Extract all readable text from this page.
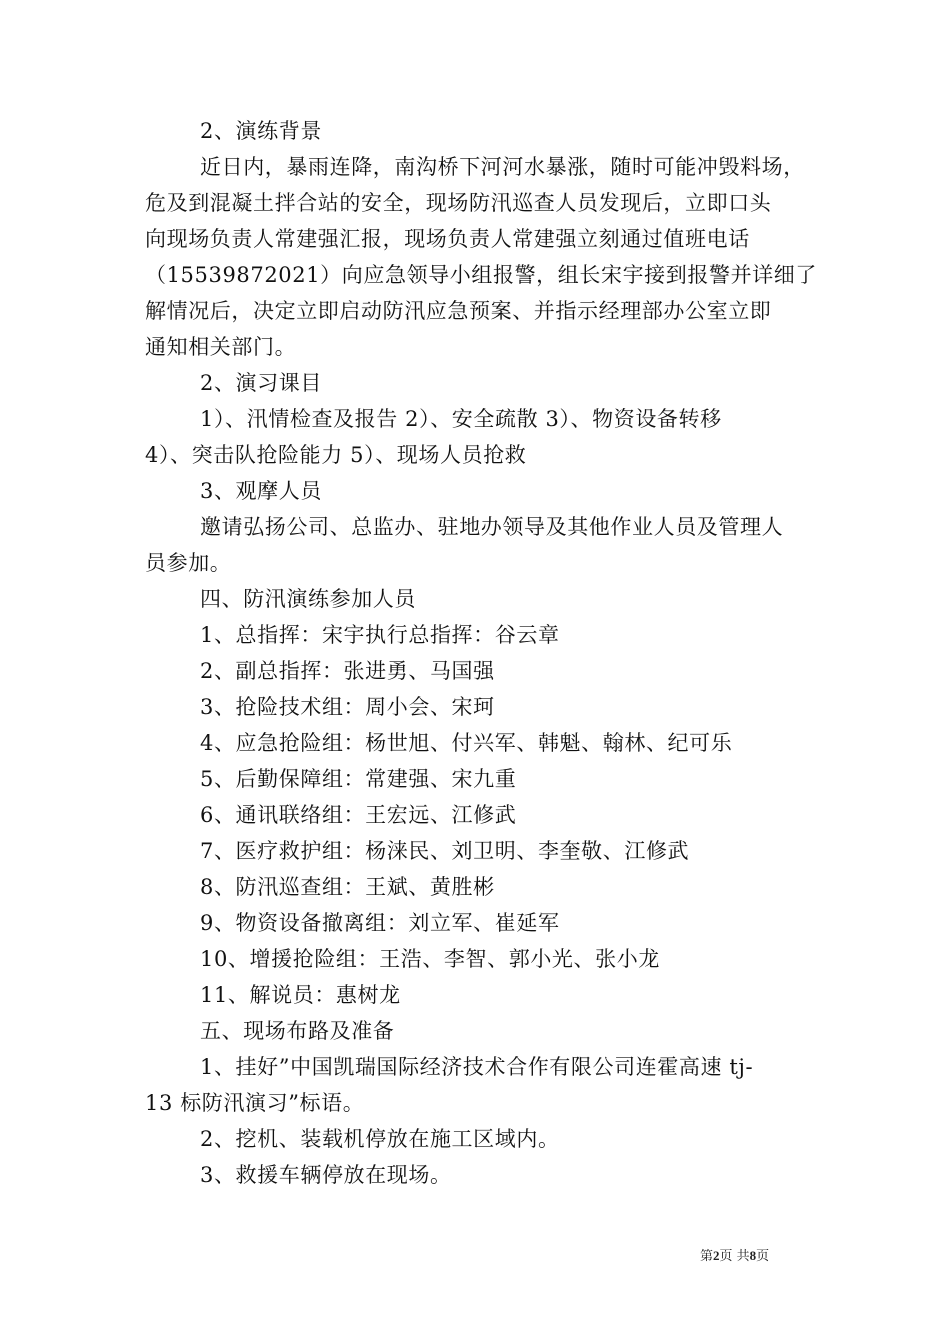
2、演练背景
近日内，暴雨连降，南沟桥下河河水暴涨，随时可能冲毁料场，
危及到混凝土拌合站的安全，现场防汛巡查人员发现后，立即口头
向现场负责人常建强汇报，现场负责人常建强立刻通过值班电话
（15539872021）向应急领导小组报警，组长宋宇接到报警并详细了
解情况后，决定立即启动防汛应急预案、并指示经理部办公室立即
通知相关部门。
2、演习课目
1）、汛情检查及报告 2）、安全疏散 3）、物资设备转移
4）、突击队抢险能力 5）、现场人员抢救
3、观摩人员
邀请弘扬公司、总监办、驻地办领导及其他作业人员及管理人
员参加。
四、防汛演练参加人员
1、总指挥：宋宇执行总指挥：谷云章
2、副总指挥：张进勇、马国强
3、抢险技术组：周小会、宋珂
4、应急抢险组：杨世旭、付兴军、韩魁、翰林、纪可乐
5、后勤保障组：常建强、宋九重
6、通讯联络组：王宏远、江修武
7、医疗救护组：杨涞民、刘卫明、李奎敬、江修武
8、防汛巡查组：王斌、黄胜彬
9、物资设备撤离组：刘立军、崔延军
10、增援抢险组：王浩、李智、郭小光、张小龙
11、解说员：惠树龙
五、现场布路及准备
1、挂好”中国凯瑞国际经济技术合作有限公司连霍高速 tj-
13 标防汛演习”标语。
2、挖机、装载机停放在施工区域内。
3、救援车辆停放在现场。
第2页 共8页
